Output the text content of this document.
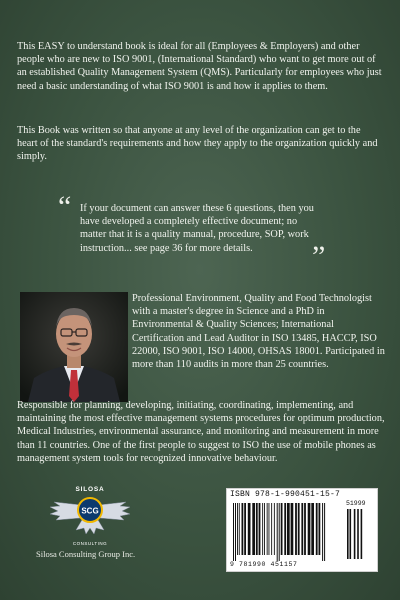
This EASY to understand book is ideal for all (Employees & Employers) and other people who are new to ISO 9001, (International Standard) who want to get more out of an established Quality Management System (QMS). Particularly for employees who just need a basic understanding of what ISO 9001 is and how it applies to them.

This Book was written so that anyone at any level of the organization can get to the heart of the standard's requirements and how they apply to the organization quickly and simply.

“ If your document can answer these 6 questions, then you have developed a completely effective document; no matter that it is a quality manual, procedure, SOP, work instruction... see page 36 for more details.	”

Professional Environment, Quality and Food Technologist with a master's degree in Science and a PhD in Environmental & Quality Sciences; International Certification and Lead Auditor in ISO 13485, HACCP, ISO 22000, ISO 9001, ISO 14000, OHSAS 18001. Participated in more than 110 audits in more than 25 countries.

Responsible for planning, developing, initiating, coordinating, implementing, and maintaining the most effective management systems procedures for optimum production, Medical Industries, environmental assurance, and monitoring and measurement in more than 11 countries. One of the first people to suggest to ISO the use of mobile phones as management system tools for recognized innovative behaviour.

SCG
SILOSA
CONSULTING
Silosa Consulting Group Inc.
ISBN 978-1-990451-15-7
51999
9 781990 451157
